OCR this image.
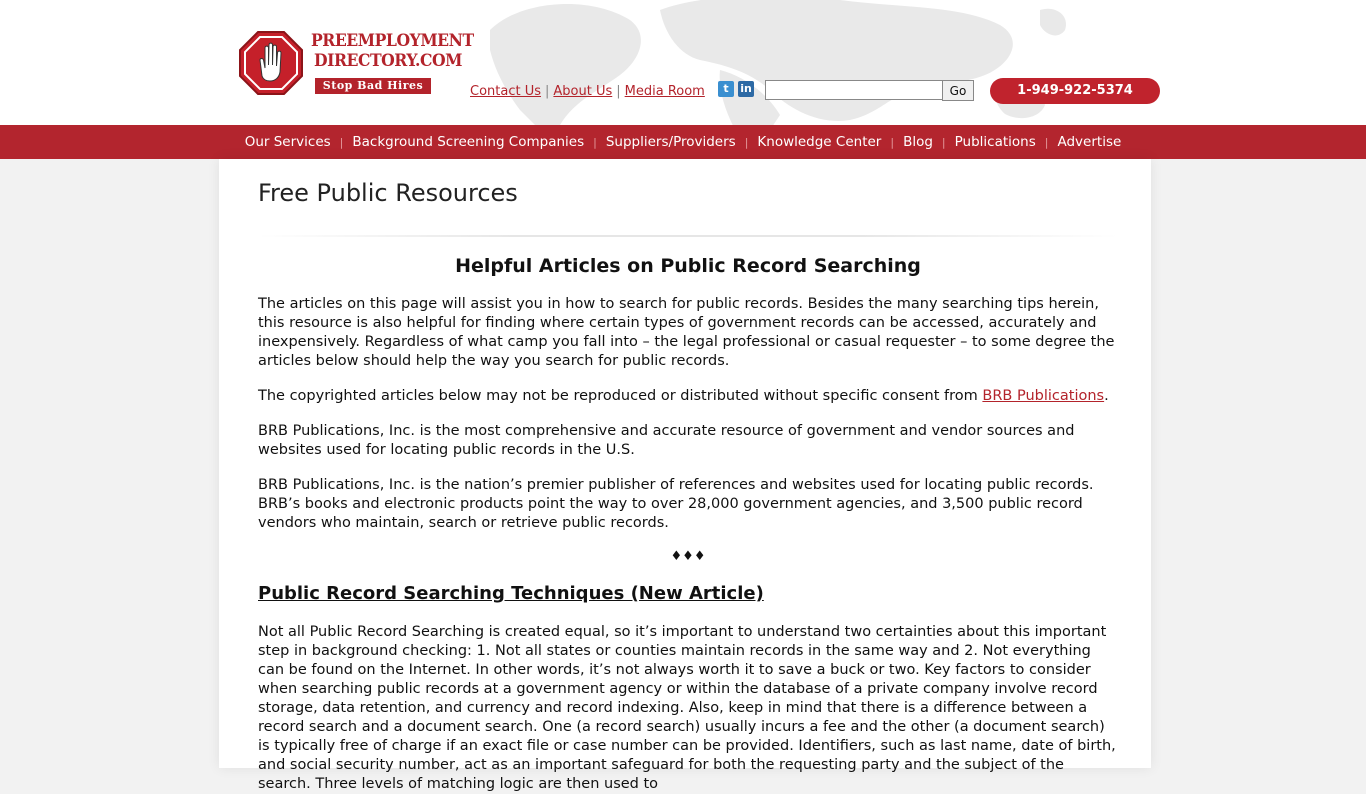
PREEMPLOYMENT
DIRECTORY.COM
Stop Bad Hires	Contact Us | About Us | Media Room	t	in	Go	1-949-922-5374
Our Services | Background Screening Companies | Suppliers/Providers | Knowledge Center | Blog | Publications | Advertise
Free Public Resources
Helpful Articles on Public Record Searching

The articles on this page will assist you in how to search for public records. Besides the many searching tips herein, this resource is also helpful for finding where certain types of government records can be accessed, accurately and inexpensively. Regardless of what camp you fall into – the legal professional or casual requester – to some degree the articles below should help the way you search for public records.

The copyrighted articles below may not be reproduced or distributed without specific consent from BRB Publications.

BRB Publications, Inc. is the most comprehensive and accurate resource of government and vendor sources and websites used for locating public records in the U.S.

BRB Publications, Inc. is the nation’s premier publisher of references and websites used for locating public records. BRB’s books and electronic products point the way to over 28,000 government agencies, and 3,500 public record vendors who maintain, search or retrieve public records.

♦♦♦
Public Record Searching Techniques (New Article)

Not all Public Record Searching is created equal, so it’s important to understand two certainties about this important step in background checking: 1. Not all states or counties maintain records in the same way and 2. Not everything can be found on the Internet. In other words, it’s not always worth it to save a buck or two. Key factors to consider when searching public records at a government agency or within the database of a private company involve record storage, data retention, and currency and record indexing. Also, keep in mind that there is a difference between a record search and a document search. One (a record search) usually incurs a fee and the other (a document search) is typically free of charge if an exact file or case number can be provided. Identifiers, such as last name, date of birth, and social security number, act as an important safeguard for both the requesting party and the subject of the search. Three levels of matching logic are then used to
